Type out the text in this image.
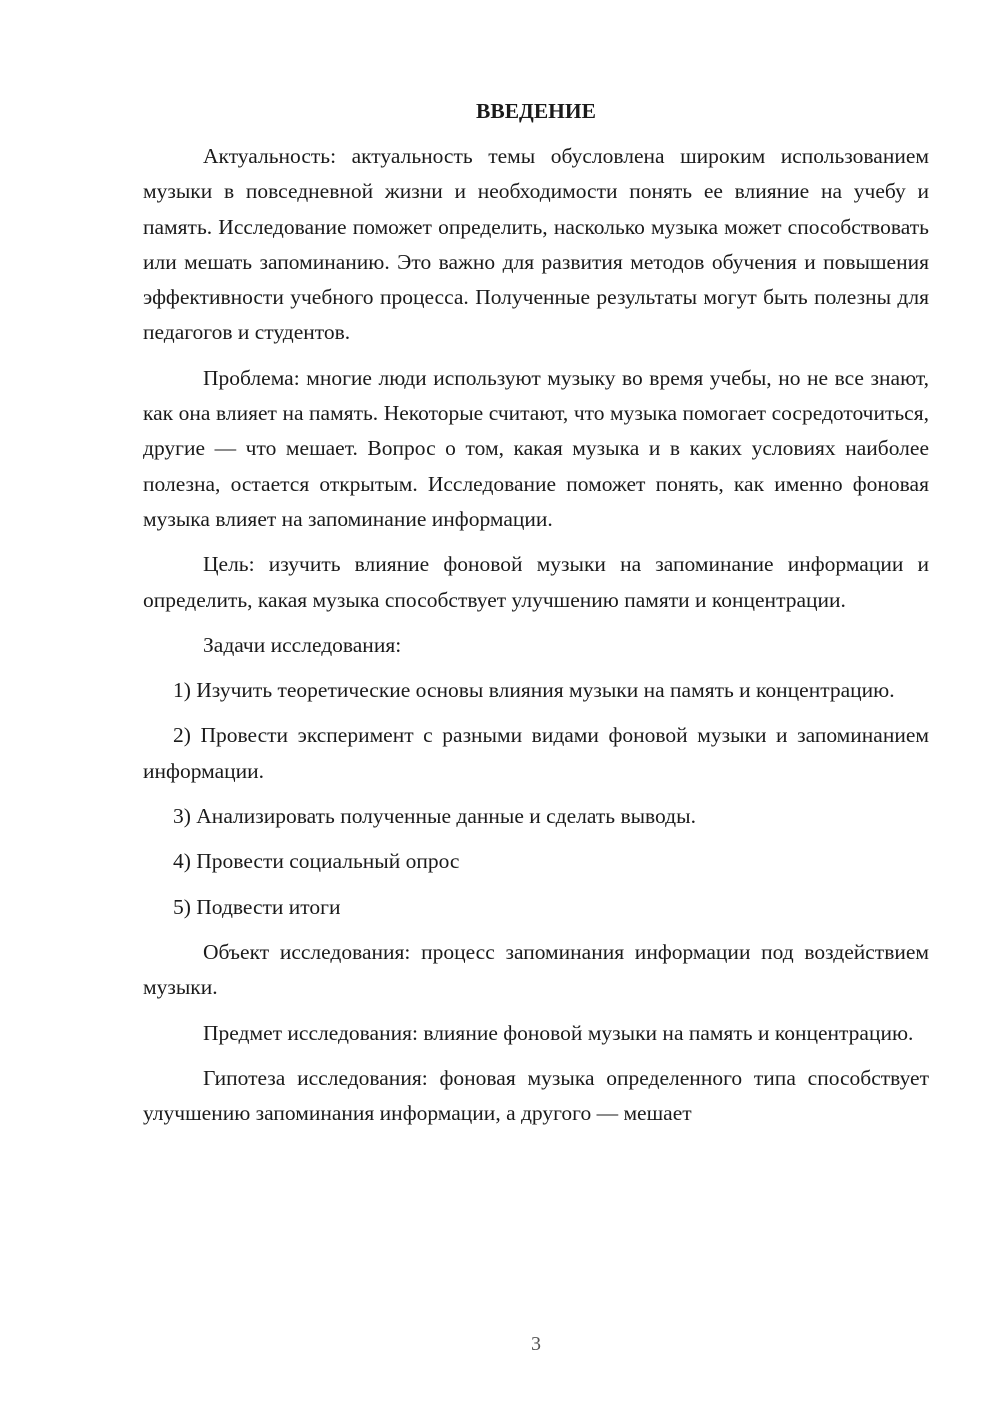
ВВЕДЕНИЕ

Актуальность: актуальность темы обусловлена широким использованием музыки в повседневной жизни и необходимости понять ее влияние на учебу и память. Исследование поможет определить, насколько музыка может способствовать или мешать запоминанию. Это важно для развития методов обучения и повышения эффективности учебного процесса. Полученные результаты могут быть полезны для педагогов и студентов.

Проблема: многие люди используют музыку во время учебы, но не все знают, как она влияет на память. Некоторые считают, что музыка помогает сосредоточиться, другие — что мешает. Вопрос о том, какая музыка и в каких условиях наиболее полезна, остается открытым. Исследование поможет понять, как именно фоновая музыка влияет на запоминание информации.

Цель: изучить влияние фоновой музыки на запоминание информации и определить, какая музыка способствует улучшению памяти и концентрации.

Задачи исследования:

1) Изучить теоретические основы влияния музыки на память и концентрацию.

2) Провести эксперимент с разными видами фоновой музыки и запоминанием информации.

3) Анализировать полученные данные и сделать выводы.

4) Провести социальный опрос

5) Подвести итоги

Объект исследования: процесс запоминания информации под воздействием музыки.

Предмет исследования: влияние фоновой музыки на память и концентрацию.

Гипотеза исследования: фоновая музыка определенного типа способствует улучшению запоминания информации, а другого — мешает

3
